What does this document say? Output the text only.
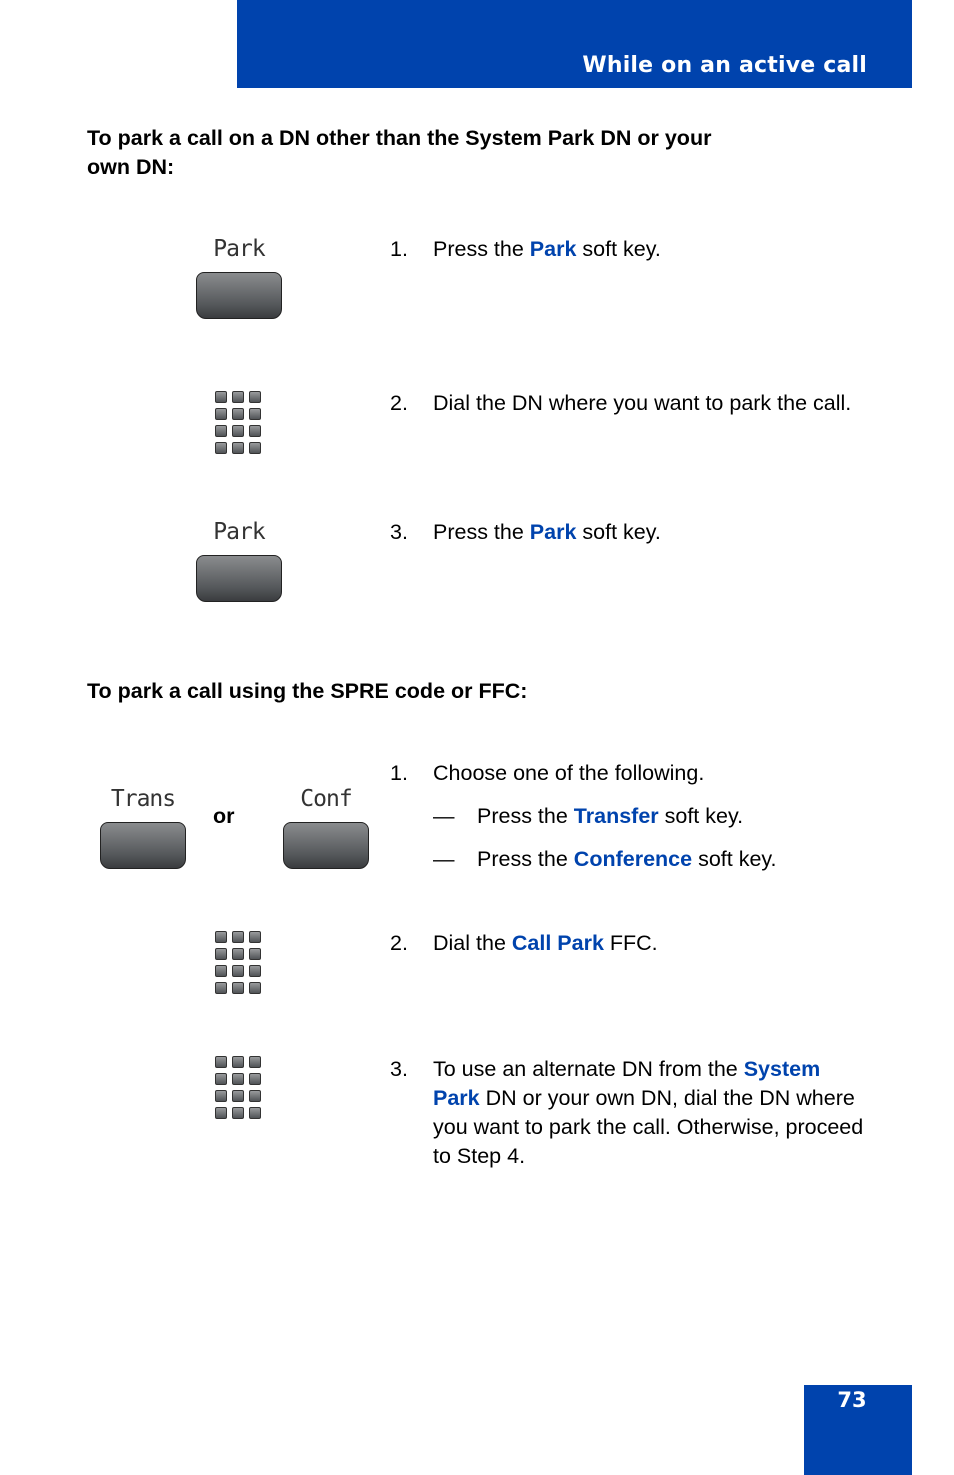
While on an active call
To park a call on a DN other than the System Park DN or your
own DN:
Park	1. Press the Park soft key.
2. Dial the DN where you want to park the call.
Park	3. Press the Park soft key.
To park a call using the SPRE code or FFC:
Trans
or
Conf
1. Choose one of the following.
— Press the Transfer soft key.
— Press the Conference soft key.
2. Dial the Call Park FFC.
3. To use an alternate DN from the System Park DN or your own DN, dial the DN where you want to park the call. Otherwise, proceed to Step 4.
73
